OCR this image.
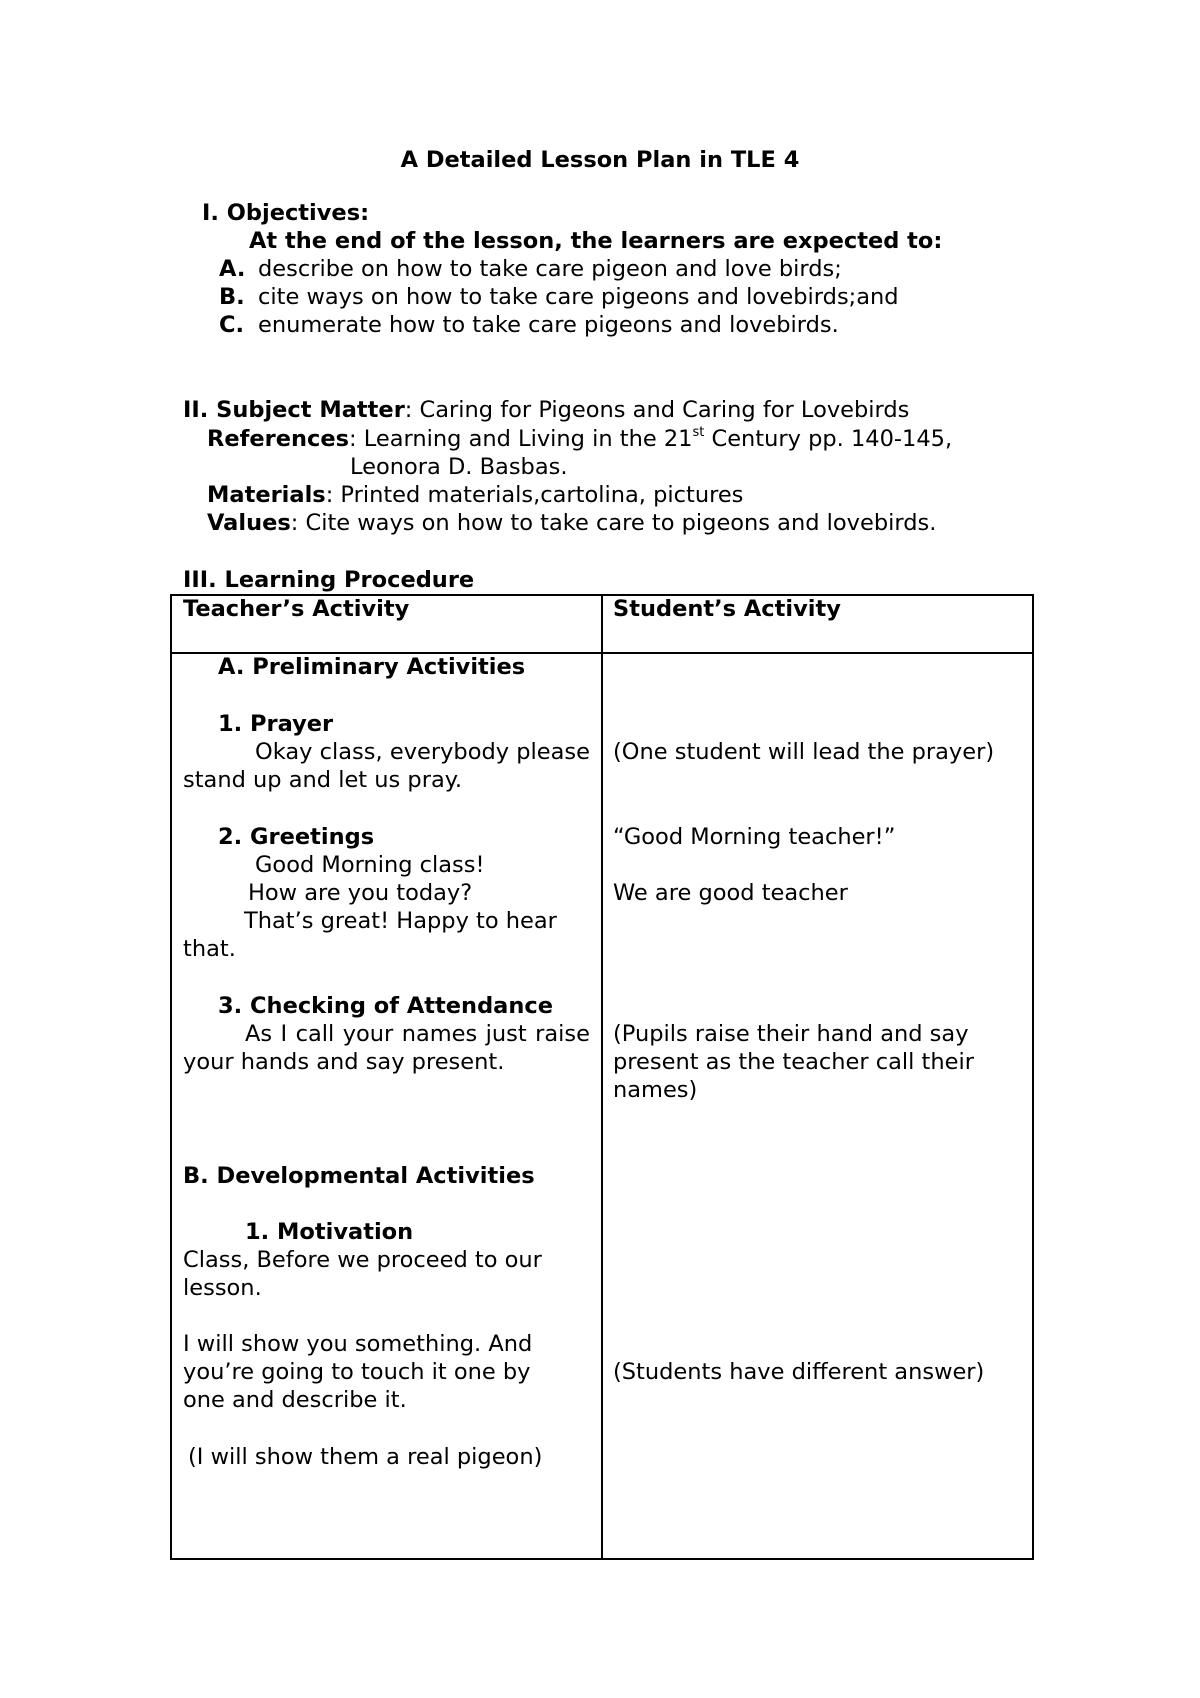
A Detailed Lesson Plan in TLE 4
I. Objectives:
At the end of the lesson, the learners are expected to:
A. describe on how to take care pigeon and love birds;
B. cite ways on how to take care pigeons and lovebirds;and
C. enumerate how to take care pigeons and lovebirds.
II. Subject Matter: Caring for Pigeons and Caring for Lovebirds
References: Learning and Living in the 21st Century pp. 140-145,
Leonora D. Basbas.
Materials: Printed materials,cartolina, pictures
Values: Cite ways on how to take care to pigeons and lovebirds.
III. Learning Procedure
Teacher’s Activity	Student’s Activity
A. Preliminary Activities
1. Prayer
Okay class, everybody please stand up and let us pray.
2. Greetings
Good Morning class!
How are you today?
That’s great! Happy to hear
that.
3. Checking of Attendance
As I call your names just raise your hands and say present.
B. Developmental Activities
1. Motivation
Class, Before we proceed to our lesson.
I will show you something. And you’re going to touch it one by one and describe it.
(I will show them a real pigeon)
(One student will lead the prayer)
“Good Morning teacher!”
We are good teacher
(Pupils raise their hand and say present as the teacher call their names)
(Students have different answer)
